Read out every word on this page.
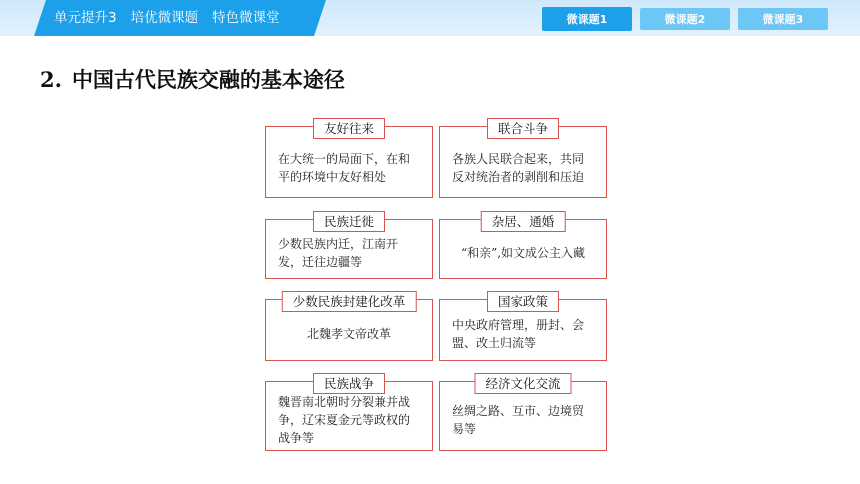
单元提升3 培优微课题 特色微课堂	微课题1	微课题2	微课题3
2. 中国古代民族交融的基本途径
友好往来
在大统一的局面下，在和平的环境中友好相处
联合斗争
各族人民联合起来，共同反对统治者的剥削和压迫
民族迁徙
少数民族内迁，江南开发，迁往边疆等
杂居、通婚
“和亲”,如文成公主入藏
少数民族封建化改革
北魏孝文帝改革
国家政策
中央政府管理，册封、会盟、改土归流等
民族战争
魏晋南北朝时分裂兼并战争，辽宋夏金元等政权的战争等
经济文化交流
丝绸之路、互市、边境贸易等
